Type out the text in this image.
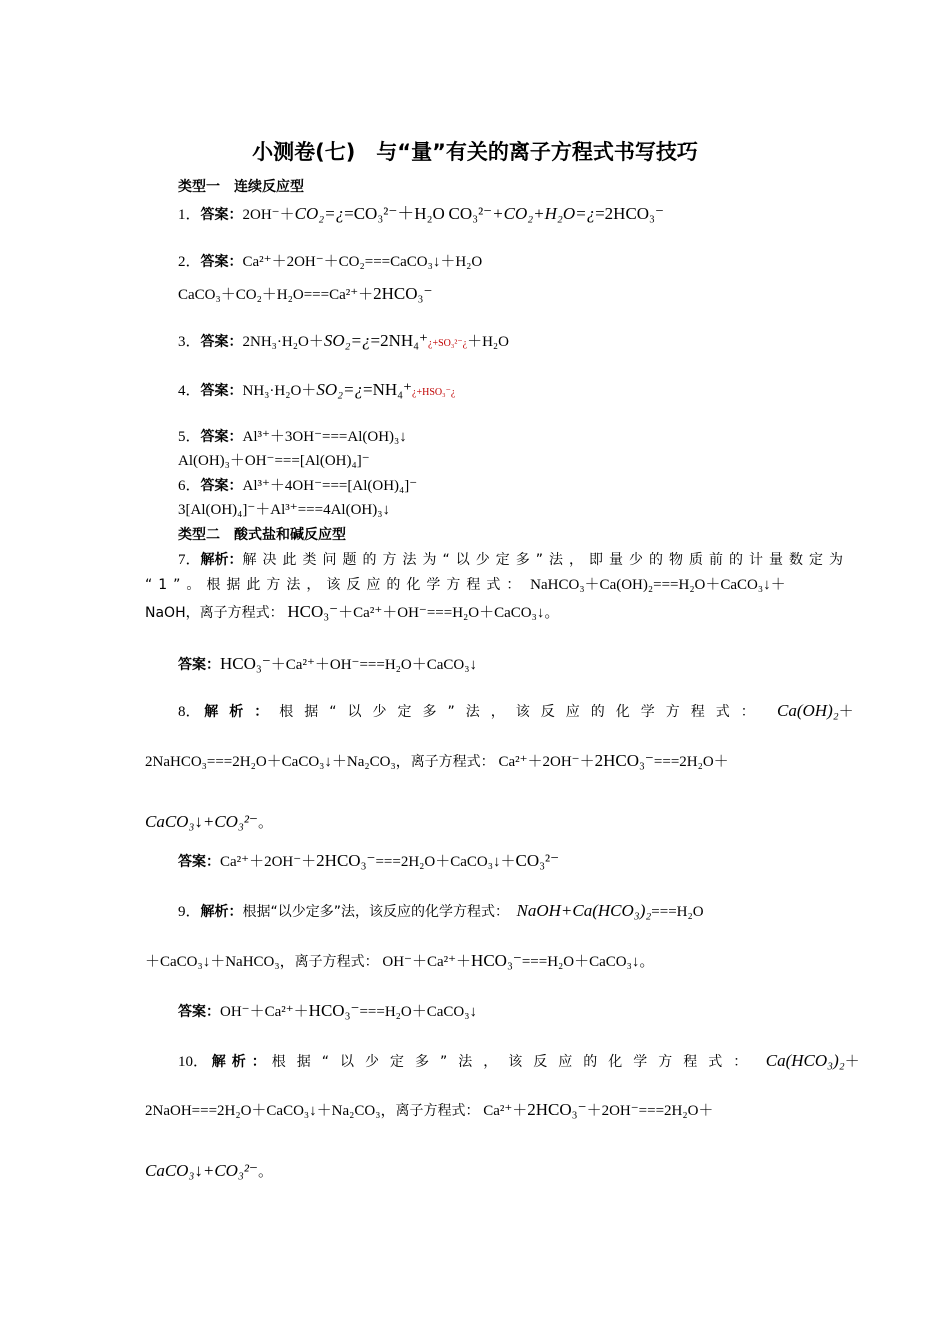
小测卷(七)　与“量”有关的离子方程式书写技巧
类型一　连续反应型
1．答案：2OH⁻＋CO₂=¿=CO₃²⁻＋H₂O CO₃²⁻+CO₂+H₂O=¿=2HCO₃⁻
2．答案：Ca²⁺＋2OH⁻＋CO₂===CaCO₃↓＋H₂O
CaCO₃＋CO₂＋H₂O===Ca²⁺＋2HCO₃⁻
3．答案：2NH₃·H₂O＋SO₂=¿=2NH₄⁺¿+SO₃²⁻¿＋H₂O
4．答案：NH₃·H₂O＋SO₂=¿=NH₄⁺¿+HSO₃⁻¿
5．答案：Al³⁺＋3OH⁻===Al(OH)₃↓
Al(OH)₃＋OH⁻===[Al(OH)₄]⁻
6．答案：Al³⁺＋4OH⁻===[Al(OH)₄]⁻
3[Al(OH)₄]⁻＋Al³⁺===4Al(OH)₃↓
类型二　酸式盐和碱反应型
7．解析：解决此类问题的方法为“以少定多”法，即量少的物质前的计量数定为
“1”。根据此方法，该反应的化学方程式： NaHCO₃＋Ca(OH)₂===H₂O＋CaCO₃↓＋
NaOH，离子方程式： HCO₃⁻＋Ca²⁺＋OH⁻===H₂O＋CaCO₃↓。
答案：HCO₃⁻＋Ca²⁺＋OH⁻===H₂O＋CaCO₃↓
8． 解析：根据“以少定多”法，该反应的化学方程式： Ca(OH)₂＋
2NaHCO₃===2H₂O＋CaCO₃↓＋Na₂CO₃，离子方程式： Ca²⁺＋2OH⁻＋2HCO₃⁻===2H₂O＋
CaCO₃↓+CO₃²⁻。
答案：Ca²⁺＋2OH⁻＋2HCO₃⁻===2H₂O＋CaCO₃↓＋CO₃²⁻
9．解析：根据“以少定多”法，该反应的化学方程式： NaOH+Ca(HCO₃)₂===H₂O
＋CaCO₃↓＋NaHCO₃，离子方程式： OH⁻＋Ca²⁺＋HCO₃⁻===H₂O＋CaCO₃↓。
答案：OH⁻＋Ca²⁺＋HCO₃⁻===H₂O＋CaCO₃↓
10． 解析：根据“以少定多”法，该反应的化学方程式： Ca(HCO₃)₂＋
2NaOH===2H₂O＋CaCO₃↓＋Na₂CO₃，离子方程式： Ca²⁺＋2HCO₃⁻＋2OH⁻===2H₂O＋
CaCO₃↓+CO₃²⁻。
